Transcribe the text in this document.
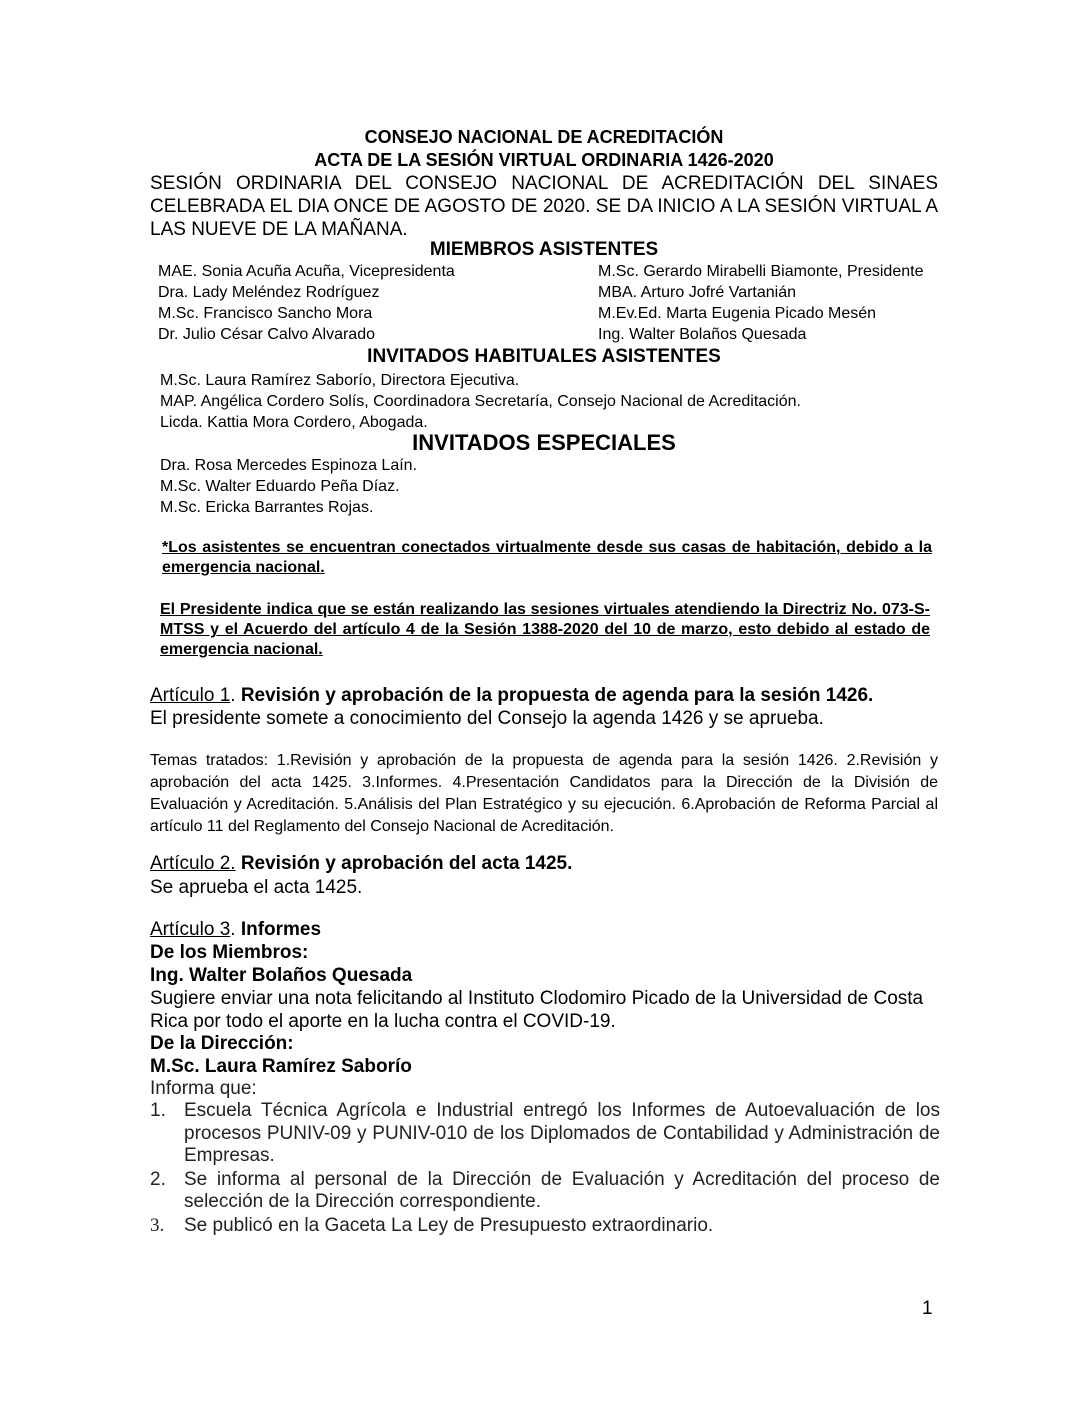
CONSEJO NACIONAL DE ACREDITACIÓN
ACTA DE LA SESIÓN VIRTUAL ORDINARIA 1426-2020
SESIÓN ORDINARIA DEL CONSEJO NACIONAL DE ACREDITACIÓN DEL SINAES CELEBRADA EL DIA ONCE DE AGOSTO DE 2020. SE DA INICIO A LA SESIÓN VIRTUAL A LAS NUEVE DE LA MAÑANA.
MIEMBROS ASISTENTES
MAE. Sonia Acuña Acuña, Vicepresidenta
Dra. Lady Meléndez Rodríguez
M.Sc. Francisco Sancho Mora
Dr. Julio César Calvo Alvarado
M.Sc. Gerardo Mirabelli Biamonte, Presidente
MBA. Arturo Jofré Vartanián
M.Ev.Ed. Marta Eugenia Picado Mesén
Ing. Walter Bolaños Quesada
INVITADOS HABITUALES ASISTENTES
M.Sc. Laura Ramírez Saborío, Directora Ejecutiva.
MAP. Angélica Cordero Solís, Coordinadora Secretaría, Consejo Nacional de Acreditación.
Licda. Kattia Mora Cordero, Abogada.
INVITADOS ESPECIALES
Dra. Rosa Mercedes Espinoza Laín.
M.Sc. Walter Eduardo Peña Díaz.
M.Sc. Ericka Barrantes Rojas.
*Los asistentes se encuentran conectados virtualmente desde sus casas de habitación, debido a la emergencia nacional.
El Presidente indica que se están realizando las sesiones virtuales atendiendo la Directriz No. 073-S-MTSS y el Acuerdo del artículo 4 de la Sesión 1388-2020 del 10 de marzo, esto debido al estado de emergencia nacional.
Artículo 1. Revisión y aprobación de la propuesta de agenda para la sesión 1426.
El presidente somete a conocimiento del Consejo la agenda 1426 y se aprueba.
Temas tratados: 1.Revisión y aprobación de la propuesta de agenda para la sesión 1426. 2.Revisión y aprobación del acta 1425. 3.Informes. 4.Presentación Candidatos para la Dirección de la División de Evaluación y Acreditación. 5.Análisis del Plan Estratégico y su ejecución. 6.Aprobación de Reforma Parcial al artículo 11 del Reglamento del Consejo Nacional de Acreditación.
Artículo 2. Revisión y aprobación del acta 1425.
Se aprueba el acta 1425.
Artículo 3. Informes
De los Miembros:
Ing. Walter Bolaños Quesada
Sugiere enviar una nota felicitando al Instituto Clodomiro Picado de la Universidad de Costa Rica por todo el aporte en la lucha contra el COVID-19.
De la Dirección:
M.Sc. Laura Ramírez Saborío
Informa que:
1. Escuela Técnica Agrícola e Industrial entregó los Informes de Autoevaluación de los procesos PUNIV-09 y PUNIV-010 de los Diplomados de Contabilidad y Administración de Empresas.
2. Se informa al personal de la Dirección de Evaluación y Acreditación del proceso de selección de la Dirección correspondiente.
3. Se publicó en la Gaceta La Ley de Presupuesto extraordinario.
1
